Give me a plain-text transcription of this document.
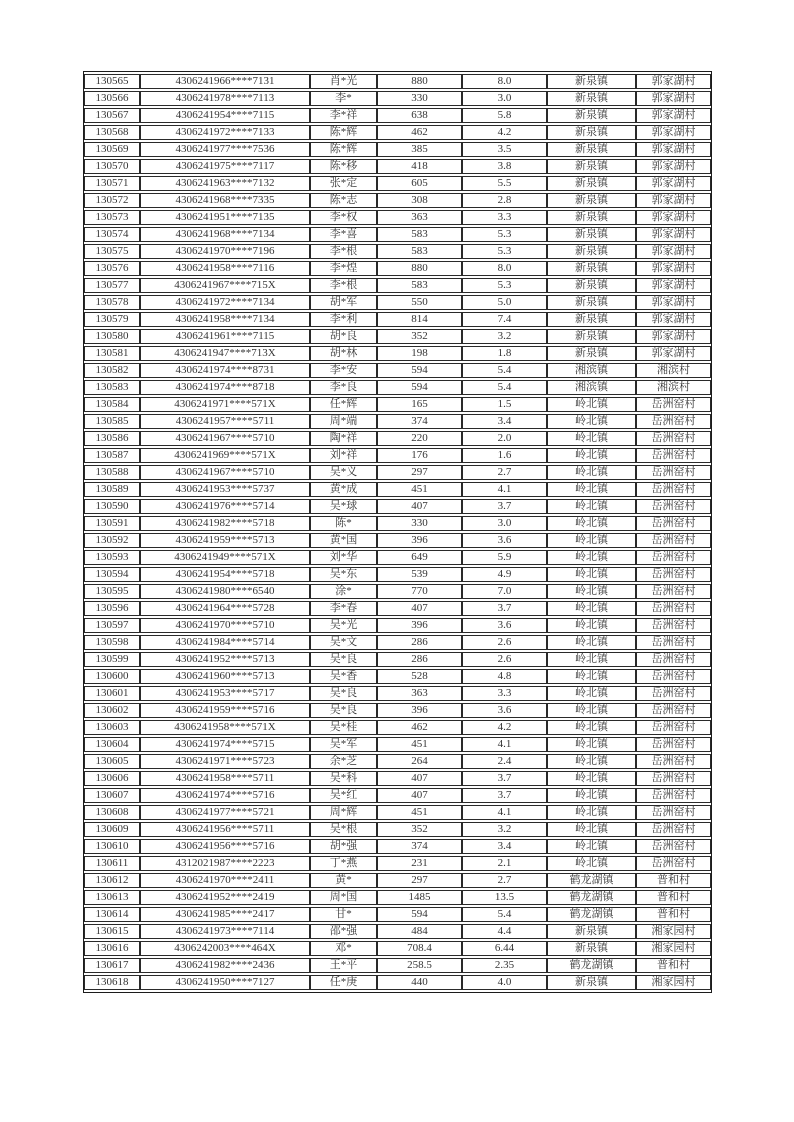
130565	4306241966****7131	肖*光	880	8.0	新泉镇	郭家湖村
130566	4306241978****7113	李*	330	3.0	新泉镇	郭家湖村
130567	4306241954****7115	李*祥	638	5.8	新泉镇	郭家湖村
130568	4306241972****7133	陈*辉	462	4.2	新泉镇	郭家湖村
130569	4306241977****7536	陈*辉	385	3.5	新泉镇	郭家湖村
130570	4306241975****7117	陈*移	418	3.8	新泉镇	郭家湖村
130571	4306241963****7132	张*定	605	5.5	新泉镇	郭家湖村
130572	4306241968****7335	陈*志	308	2.8	新泉镇	郭家湖村
130573	4306241951****7135	李*权	363	3.3	新泉镇	郭家湖村
130574	4306241968****7134	李*喜	583	5.3	新泉镇	郭家湖村
130575	4306241970****7196	李*根	583	5.3	新泉镇	郭家湖村
130576	4306241958****7116	李*煌	880	8.0	新泉镇	郭家湖村
130577	4306241967****715X	李*根	583	5.3	新泉镇	郭家湖村
130578	4306241972****7134	胡*军	550	5.0	新泉镇	郭家湖村
130579	4306241958****7134	李*利	814	7.4	新泉镇	郭家湖村
130580	4306241961****7115	胡*良	352	3.2	新泉镇	郭家湖村
130581	4306241947****713X	胡*林	198	1.8	新泉镇	郭家湖村
130582	4306241974****8731	李*安	594	5.4	湘滨镇	湘滨村
130583	4306241974****8718	李*良	594	5.4	湘滨镇	湘滨村
130584	4306241971****571X	任*辉	165	1.5	岭北镇	岳洲窑村
130585	4306241957****5711	周*端	374	3.4	岭北镇	岳洲窑村
130586	4306241967****5710	陶*祥	220	2.0	岭北镇	岳洲窑村
130587	4306241969****571X	刘*祥	176	1.6	岭北镇	岳洲窑村
130588	4306241967****5710	吴*义	297	2.7	岭北镇	岳洲窑村
130589	4306241953****5737	黄*成	451	4.1	岭北镇	岳洲窑村
130590	4306241976****5714	吴*球	407	3.7	岭北镇	岳洲窑村
130591	4306241982****5718	陈*	330	3.0	岭北镇	岳洲窑村
130592	4306241959****5713	黄*国	396	3.6	岭北镇	岳洲窑村
130593	4306241949****571X	刘*华	649	5.9	岭北镇	岳洲窑村
130594	4306241954****5718	吴*东	539	4.9	岭北镇	岳洲窑村
130595	4306241980****6540	涂*	770	7.0	岭北镇	岳洲窑村
130596	4306241964****5728	李*春	407	3.7	岭北镇	岳洲窑村
130597	4306241970****5710	吴*光	396	3.6	岭北镇	岳洲窑村
130598	4306241984****5714	吴*文	286	2.6	岭北镇	岳洲窑村
130599	4306241952****5713	吴*良	286	2.6	岭北镇	岳洲窑村
130600	4306241960****5713	吴*香	528	4.8	岭北镇	岳洲窑村
130601	4306241953****5717	吴*良	363	3.3	岭北镇	岳洲窑村
130602	4306241959****5716	吴*良	396	3.6	岭北镇	岳洲窑村
130603	4306241958****571X	吴*桂	462	4.2	岭北镇	岳洲窑村
130604	4306241974****5715	吴*军	451	4.1	岭北镇	岳洲窑村
130605	4306241971****5723	余*芝	264	2.4	岭北镇	岳洲窑村
130606	4306241958****5711	吴*科	407	3.7	岭北镇	岳洲窑村
130607	4306241974****5716	吴*红	407	3.7	岭北镇	岳洲窑村
130608	4306241977****5721	周*辉	451	4.1	岭北镇	岳洲窑村
130609	4306241956****5711	吴*根	352	3.2	岭北镇	岳洲窑村
130610	4306241956****5716	胡*强	374	3.4	岭北镇	岳洲窑村
130611	4312021987****2223	丁*燕	231	2.1	岭北镇	岳洲窑村
130612	4306241970****2411	黄*	297	2.7	鹤龙湖镇	普和村
130613	4306241952****2419	周*国	1485	13.5	鹤龙湖镇	普和村
130614	4306241985****2417	甘*	594	5.4	鹤龙湖镇	普和村
130615	4306241973****7114	邵*强	484	4.4	新泉镇	湘家园村
130616	4306242003****464X	邓*	708.4	6.44	新泉镇	湘家园村
130617	4306241982****2436	王*平	258.5	2.35	鹤龙湖镇	普和村
130618	4306241950****7127	任*庚	440	4.0	新泉镇	湘家园村
